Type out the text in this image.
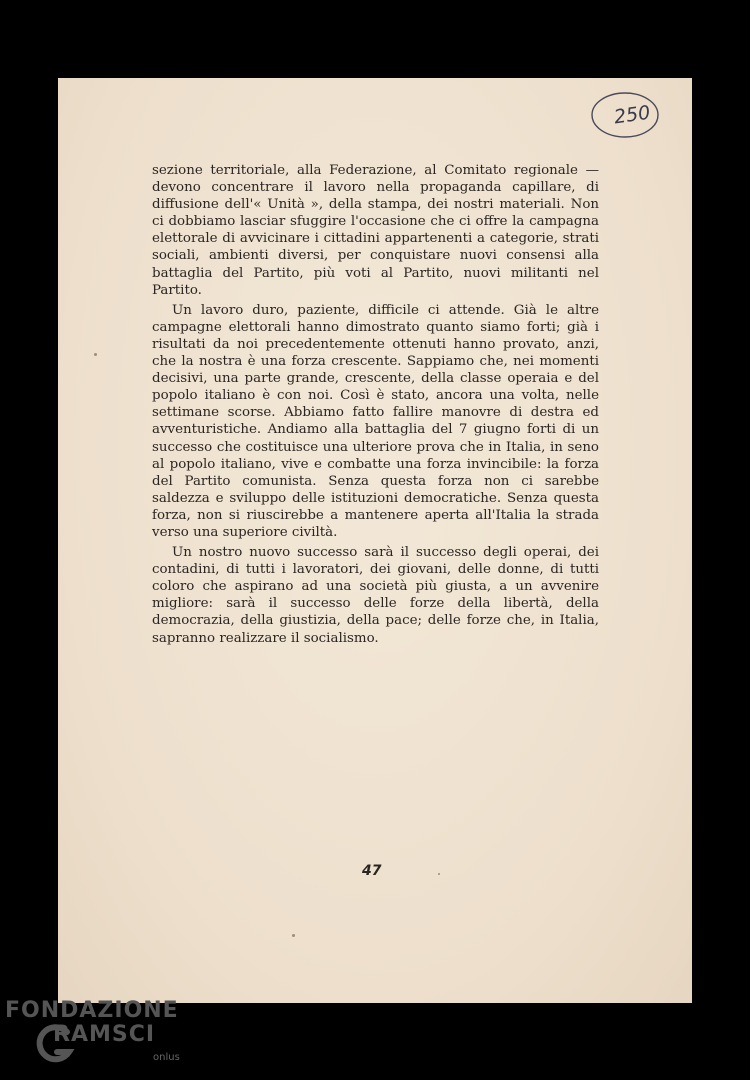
250

sezione territoriale, alla Federazione, al Comitato regionale — devono concentrare il lavoro nella propaganda capillare, di diffusione dell'« Unità », della stampa, dei nostri materiali. Non ci dobbiamo lasciar sfuggire l'occasione che ci offre la campagna elettorale di avvicinare i cittadini appartenenti a categorie, strati sociali, ambienti diversi, per conquistare nuovi consensi alla battaglia del Partito, più voti al Partito, nuovi militanti nel Partito.

Un lavoro duro, paziente, difficile ci attende. Già le altre campagne elettorali hanno dimostrato quanto siamo forti; già i risultati da noi precedentemente ottenuti hanno provato, anzi, che la nostra è una forza crescente. Sappiamo che, nei momenti decisivi, una parte grande, crescente, della classe operaia e del popolo italiano è con noi. Così è stato, ancora una volta, nelle settimane scorse. Abbiamo fatto fallire manovre di destra ed avventuristiche. Andiamo alla battaglia del 7 giugno forti di un successo che costituisce una ulteriore prova che in Italia, in seno al popolo italiano, vive e combatte una forza invincibile: la forza del Partito comunista. Senza questa forza non ci sarebbe saldezza e sviluppo delle istituzioni democratiche. Senza questa forza, non si riuscirebbe a mantenere aperta all'Italia la strada verso una superiore civiltà.

Un nostro nuovo successo sarà il successo degli operai, dei contadini, di tutti i lavoratori, dei giovani, delle donne, di tutti coloro che aspirano ad una società più giusta, a un avvenire migliore: sarà il successo delle forze della libertà, della democrazia, della giustizia, della pace; delle forze che, in Italia, sapranno realizzare il socialismo.

47
FONDAZIONE
RAMSCI
onlus
